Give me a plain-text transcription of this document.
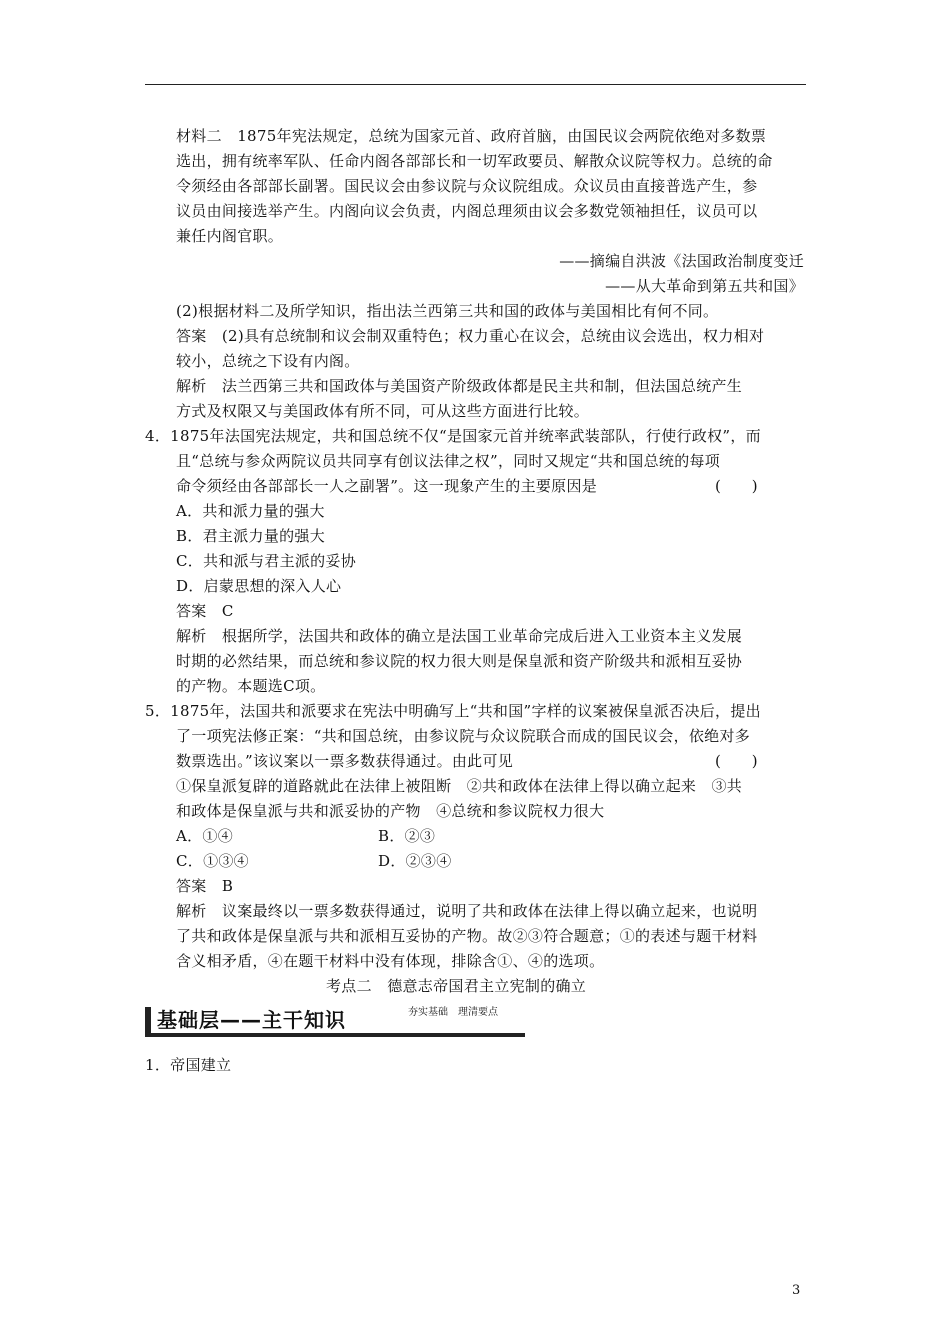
材料二　1875年宪法规定，总统为国家元首、政府首脑，由国民议会两院依绝对多数票
选出，拥有统率军队、任命内阁各部部长和一切军政要员、解散众议院等权力。总统的命
令须经由各部部长副署。国民议会由参议院与众议院组成。众议员由直接普选产生，参
议员由间接选举产生。内阁向议会负责，内阁总理须由议会多数党领袖担任，议员可以
兼任内阁官职。
——摘编自洪波《法国政治制度变迁
——从大革命到第五共和国》
(2)根据材料二及所学知识，指出法兰西第三共和国的政体与美国相比有何不同。
答案　(2)具有总统制和议会制双重特色；权力重心在议会，总统由议会选出，权力相对
较小，总统之下设有内阁。
解析　法兰西第三共和国政体与美国资产阶级政体都是民主共和制，但法国总统产生
方式及权限又与美国政体有所不同，可从这些方面进行比较。
4．1875年法国宪法规定，共和国总统不仅“是国家元首并统率武装部队，行使行政权”，而
且“总统与参众两院议员共同享有创议法律之权”，同时又规定“共和国总统的每项
命令须经由各部部长一人之副署”。这一现象产生的主要原因是	(　　)
A．共和派力量的强大
B．君主派力量的强大
C．共和派与君主派的妥协
D．启蒙思想的深入人心
答案　C
解析　根据所学，法国共和政体的确立是法国工业革命完成后进入工业资本主义发展
时期的必然结果，而总统和参议院的权力很大则是保皇派和资产阶级共和派相互妥协
的产物。本题选C项。
5．1875年，法国共和派要求在宪法中明确写上“共和国”字样的议案被保皇派否决后，提出
了一项宪法修正案：“共和国总统，由参议院与众议院联合而成的国民议会，依绝对多
数票选出。”该议案以一票多数获得通过。由此可见	(　　)
①保皇派复辟的道路就此在法律上被阻断　②共和政体在法律上得以确立起来　③共
和政体是保皇派与共和派妥协的产物　④总统和参议院权力很大
A．①④	B．②③
C．①③④	D．②③④
答案　B
解析　议案最终以一票多数获得通过，说明了共和政体在法律上得以确立起来，也说明
了共和政体是保皇派与共和派相互妥协的产物。故②③符合题意；①的表述与题干材料
含义相矛盾，④在题干材料中没有体现，排除含①、④的选项。
考点二　德意志帝国君主立宪制的确立
基础层——主干知识	夯实基础　理清要点
1．帝国建立
3
